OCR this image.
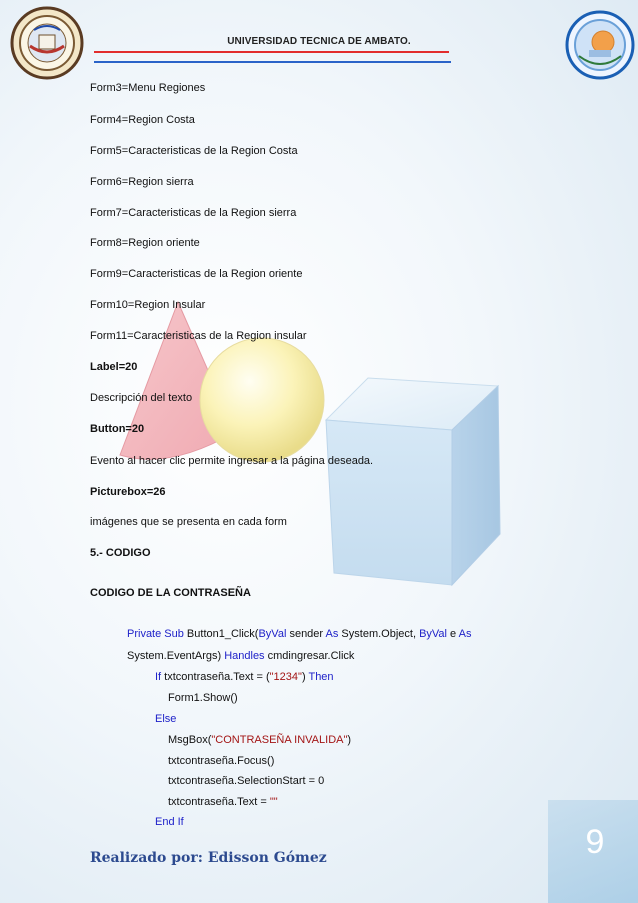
UNIVERSIDAD TECNICA DE AMBATO.
Form3=Menu Regiones
Form4=Region Costa
Form5=Caracteristicas de la Region Costa
Form6=Region sierra
Form7=Caracteristicas de la Region sierra
Form8=Region oriente
Form9=Caracteristicas de la Region oriente
Form10=Region Insular
Form11=Caracteristicas de la Region insular
Label=20
Descripción del texto
Button=20
Evento al hacer clic permite ingresar a la página deseada.
Picturebox=26
imágenes que se presenta en cada form
5.- CODIGO
CODIGO DE LA CONTRASEÑA
Private Sub Button1_Click(ByVal sender As System.Object, ByVal e As
System.EventArgs) Handles cmdingresar.Click
If txtcontraseña.Text = ("1234") Then
Form1.Show()
Else
MsgBox("CONTRASEÑA INVALIDA")
txtcontraseña.Focus()
txtcontraseña.SelectionStart = 0
txtcontraseña.Text = ""
End If
9
Realizado por: Edisson Gómez
